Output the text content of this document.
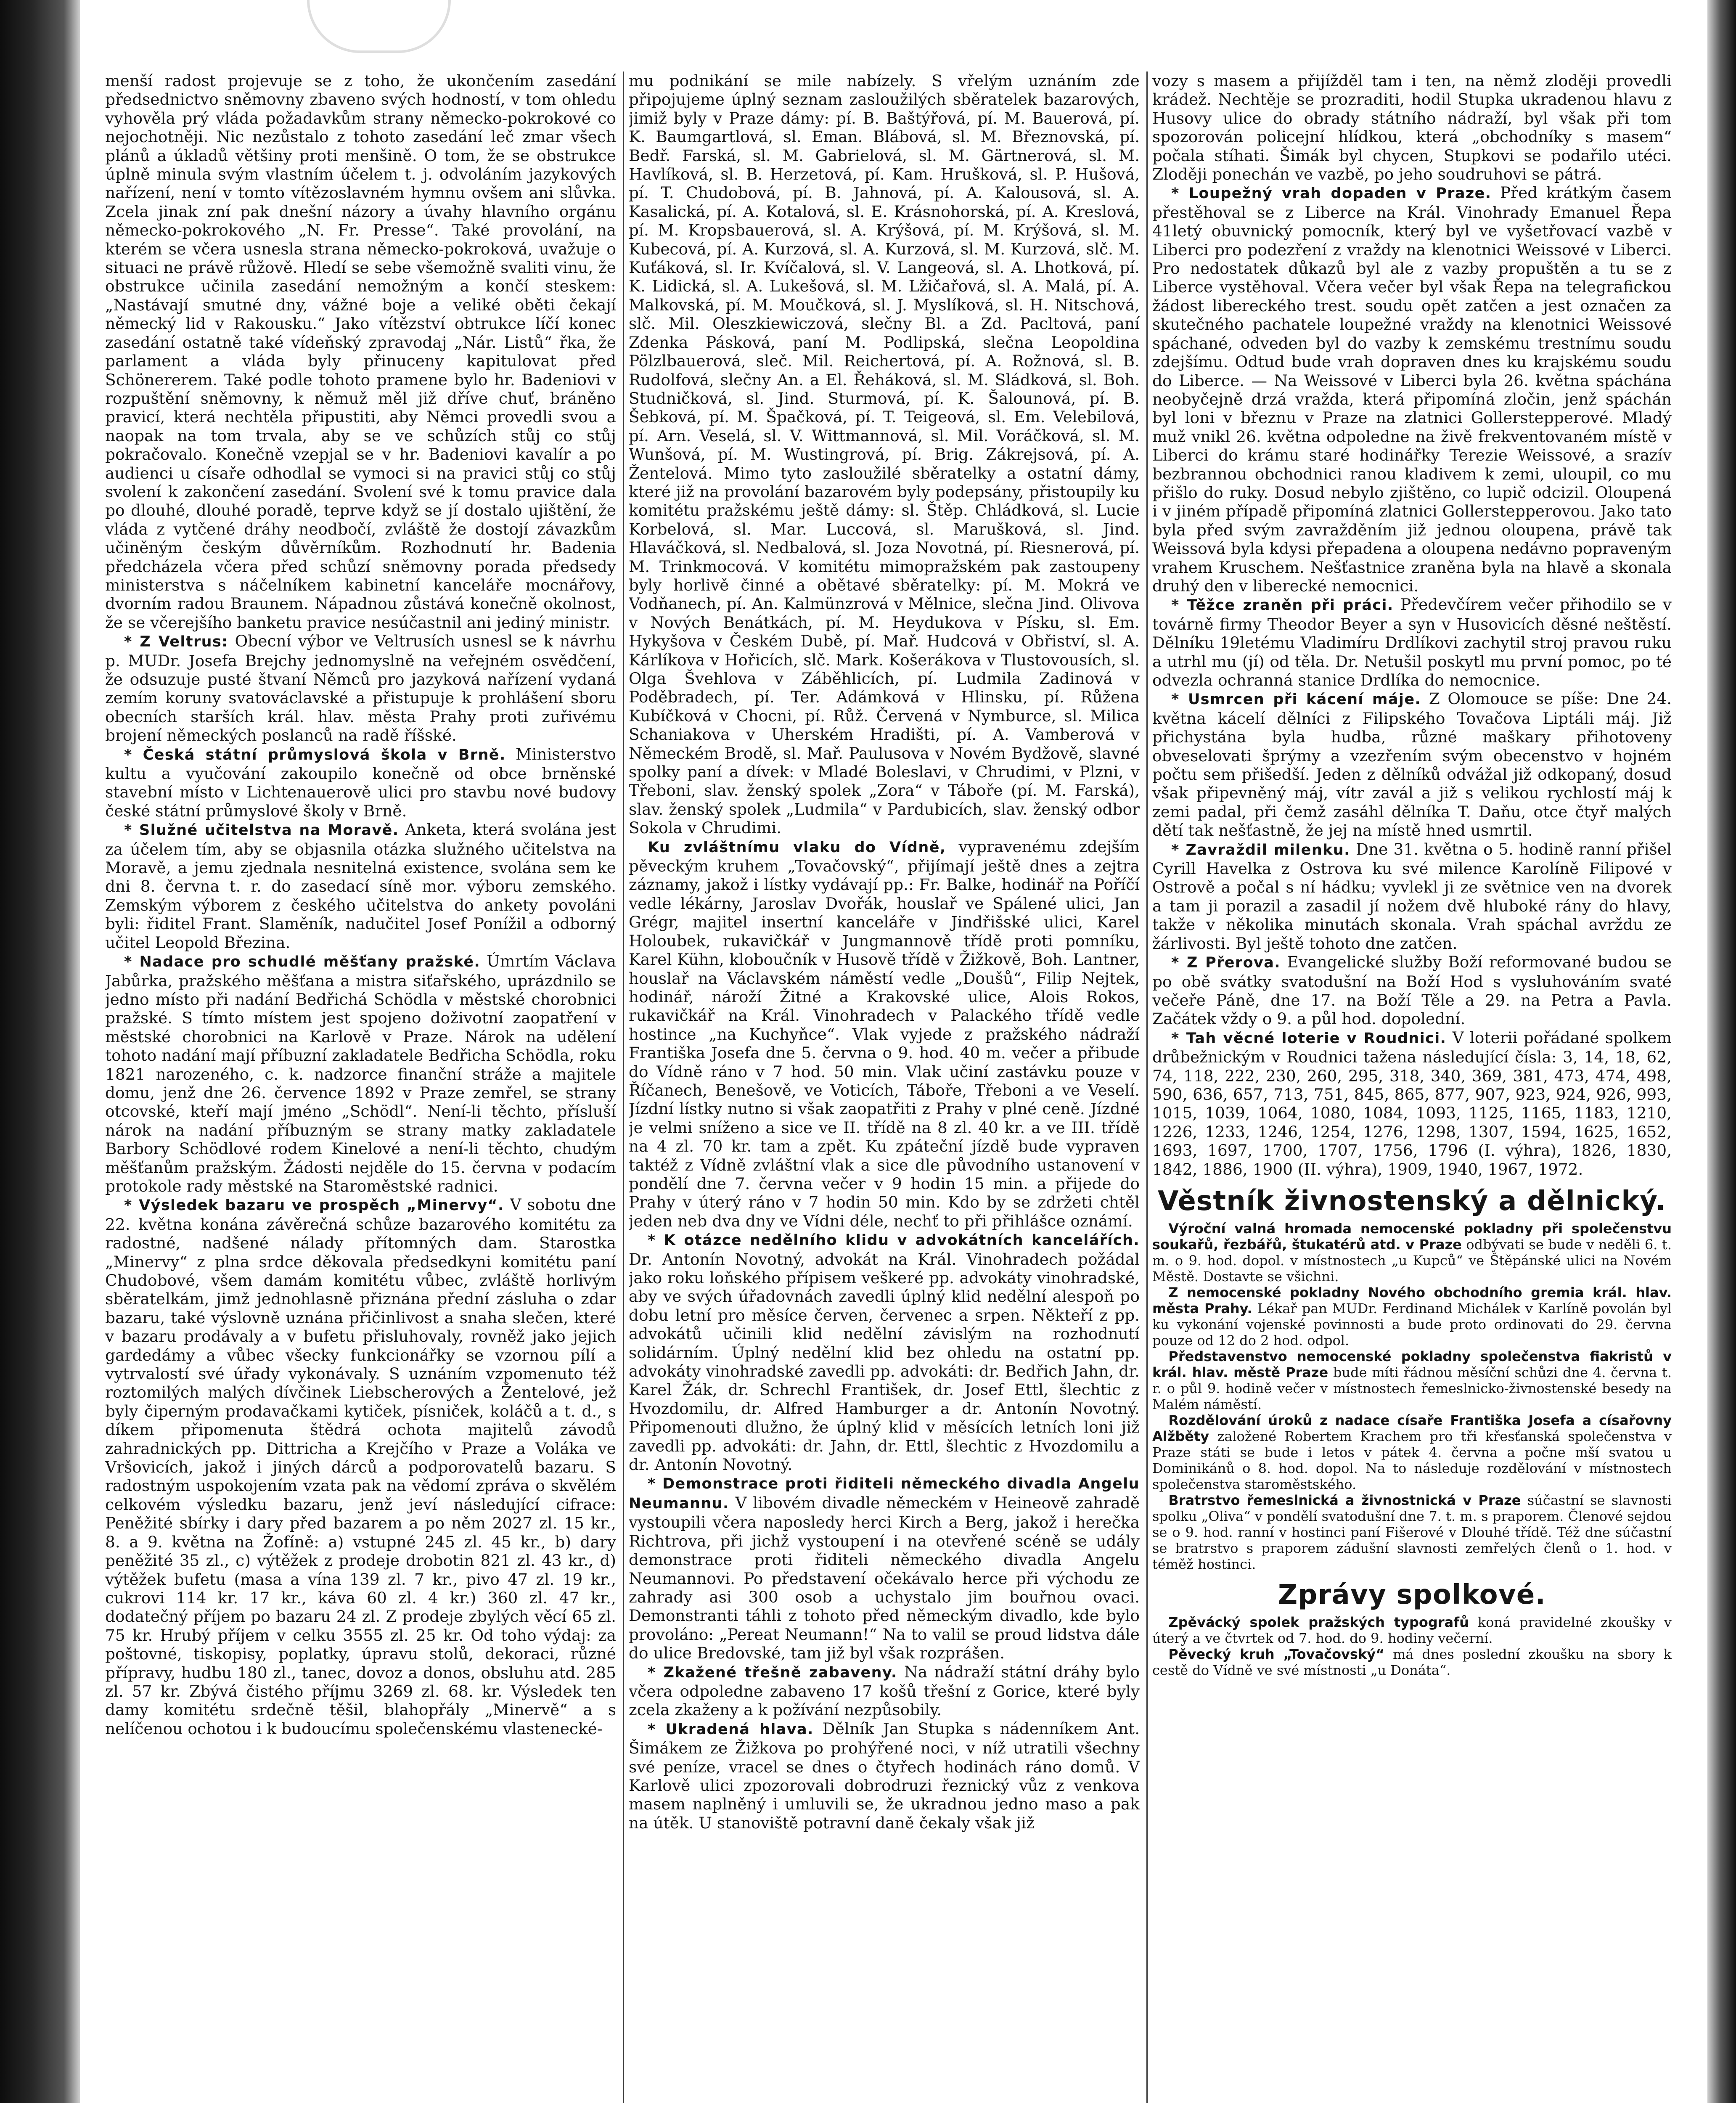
menší radost projevuje se z toho, že ukončením zasedání předsednictvo sněmovny zbaveno svých hodností, v tom ohledu vyhověla prý vláda požadavkům strany německo-pokrokové co nejochotněji. Nic nezůstalo z tohoto zasedání leč zmar všech plánů a úkladů většiny proti menšině. O tom, že se obstrukce úplně minula svým vlastním účelem t. j. odvoláním jazykových nařízení, není v tomto vítězoslavném hymnu ovšem ani slůvka. Zcela jinak zní pak dnešní názory a úvahy hlavního orgánu německo-pokrokového „N. Fr. Presse“. Také provolání, na kterém se včera usnesla strana německo-pokroková, uvažuje o situaci ne právě růžově. Hledí se sebe všemožně svaliti vinu, že obstrukce učinila zasedání nemožným a končí steskem: „Nastávají smutné dny, vážné boje a veliké oběti čekají německý lid v Rakousku.“ Jako vítězství obtrukce líčí konec zasedání ostatně také vídeňský zpravodaj „Nár. Listů“ řka, že parlament a vláda byly přinuceny kapitulovat před Schönererem. Také podle tohoto pramene bylo hr. Badeniovi v rozpuštění sněmovny, k němuž měl již dříve chuť, bráněno pravicí, která nechtěla připustiti, aby Němci provedli svou a naopak na tom trvala, aby se ve schůzích stůj co stůj pokračovalo. Konečně vzepjal se v hr. Badeniovi kavalír a po audienci u císaře odhodlal se vymoci si na pravici stůj co stůj svolení k zakončení zasedání. Svolení své k tomu pravice dala po dlouhé, dlouhé poradě, teprve když se jí dostalo ujištění, že vláda z vytčené dráhy neodbočí, zvláště že dostojí závazkům učiněným českým důvěrníkům. Rozhodnutí hr. Badenia předcházela včera před schůzí sněmovny porada předsedy ministerstva s náčelníkem kabinetní kanceláře mocnářovy, dvorním radou Braunem. Nápadnou zůstává konečně okolnost, že se včerejšího banketu pravice nesúčastnil ani jediný ministr.

* Z Veltrus: Obecní výbor ve Veltrusích usnesl se k návrhu p. MUDr. Josefa Brejchy jednomyslně na veřejném osvědčení, že odsuzuje pusté štvaní Němců pro jazyková nařízení vydaná zemím koruny svatováclavské a přistupuje k prohlášení sboru obecních starších král. hlav. města Prahy proti zuřivému brojení německých poslanců na radě říšské.

* Česká státní průmyslová škola v Brně. Ministerstvo kultu a vyučování zakoupilo konečně od obce brněnské stavební místo v Lichtenauerově ulici pro stavbu nové budovy české státní průmyslové školy v Brně.

* Služné učitelstva na Moravě. Anketa, která svolána jest za účelem tím, aby se objasnila otázka služného učitelstva na Moravě, a jemu zjednala nesnitelná existence, svolána sem ke dni 8. června t. r. do zasedací síně mor. výboru zemského. Zemským výborem z českého učitelstva do ankety povoláni byli: řiditel Frant. Slaměník, nadučitel Josef Ponížil a odborný učitel Leopold Březina.

* Nadace pro schudlé měšťany pražské. Úmrtím Václava Jabůrka, pražského měšťana a mistra siťařského, uprázdnilo se jedno místo při nadání Bedřichá Schödla v městské chorobnici pražské. S tímto místem jest spojeno doživotní zaopatření v městské chorobnici na Karlově v Praze. Nárok na udělení tohoto nadání mají příbuzní zakladatele Bedřicha Schödla, roku 1821 narozeného, c. k. nadzorce finanční stráže a majitele domu, jenž dne 26. července 1892 v Praze zemřel, se strany otcovské, kteří mají jméno „Schödl“. Není-li těchto, přísluší nárok na nadání příbuzným se strany matky zakladatele Barbory Schödlové rodem Kinelové a není-li těchto, chudým měšťanům pražským. Žádosti nejděle do 15. června v podacím protokole rady městské na Staroměstské radnici.

* Výsledek bazaru ve prospěch „Minervy“. V sobotu dne 22. května konána závěrečná schůze bazarového komitétu za radostné, nadšené nálady přítomných dam. Starostka „Minervy“ z plna srdce děkovala předsedkyni komitétu paní Chudobové, všem damám komitétu vůbec, zvláště horlivým sběratelkám, jimž jednohlasně přiznána přední zásluha o zdar bazaru, také výslovně uznána přičinlivost a snaha slečen, které v bazaru prodávaly a v bufetu přisluhovaly, rovněž jako jejich gardedámy a vůbec všecky funkcionářky se vzornou pílí a vytrvalostí své úřady vykonávaly. S uznáním vzpomenuto též roztomilých malých dívčinek Liebscherových a Žentelové, jež byly čiperným prodavačkami kytiček, písniček, koláčů a t. d., s díkem připomenuta štědrá ochota majitelů závodů zahradnických pp. Dittricha a Krejčího v Praze a Voláka ve Vršovicích, jakož i jiných dárců a podporovatelů bazaru. S radostným uspokojením vzata pak na vědomí zpráva o skvělém celkovém výsledku bazaru, jenž jeví následující cifrace: Peněžité sbírky i dary před bazarem a po něm 2027 zl. 15 kr., 8. a 9. května na Žofíně: a) vstupné 245 zl. 45 kr., b) dary peněžité 35 zl., c) výtěžek z prodeje drobotin 821 zl. 43 kr., d) výtěžek bufetu (masa a vína 139 zl. 7 kr., pivo 47 zl. 19 kr., cukrovi 114 kr. 17 kr., káva 60 zl. 4 kr.) 360 zl. 47 kr., dodatečný příjem po bazaru 24 zl. Z prodeje zbylých věcí 65 zl. 75 kr. Hrubý příjem v celku 3555 zl. 25 kr. Od toho výdaj: za poštovné, tiskopisy, poplatky, úpravu stolů, dekoraci, různé přípravy, hudbu 180 zl., tanec, dovoz a donos, obsluhu atd. 285 zl. 57 kr. Zbývá čistého příjmu 3269 zl. 68. kr. Výsledek ten damy komitétu srdečně těšil, blahopřály „Minervě“ a s nelíčenou ochotou i k budoucímu společenskému vlastenecké-

mu podnikání se mile nabízely. S vřelým uznáním zde připojujeme úplný seznam zasloužilých sběratelek bazarových, jimiž byly v Praze dámy: pí. B. Baštýřová, pí. M. Bauerová, pí. K. Baumgartlová, sl. Eman. Blábová, sl. M. Březnovská, pí. Bedř. Farská, sl. M. Gabrielová, sl. M. Gärtnerová, sl. M. Havlíková, sl. B. Herzetová, pí. Kam. Hrušková, sl. P. Hušová, pí. T. Chudobová, pí. B. Jahnová, pí. A. Kalousová, sl. A. Kasalická, pí. A. Kotalová, sl. E. Krásnohorská, pí. A. Kreslová, pí. M. Kropsbauerová, sl. A. Krýšová, pí. M. Krýšová, sl. M. Kubecová, pí. A. Kurzová, sl. A. Kurzová, sl. M. Kurzová, slč. M. Kuťáková, sl. Ir. Kvíčalová, sl. V. Langeová, sl. A. Lhotková, pí. K. Lidická, sl. A. Lukešová, sl. M. Lžičařová, sl. A. Malá, pí. A. Malkovská, pí. M. Moučková, sl. J. Myslíková, sl. H. Nitschová, slč. Mil. Oleszkiewiczová, slečny Bl. a Zd. Pacltová, paní Zdenka Pásková, paní M. Podlipská, slečna Leopoldina Pölzlbauerová, sleč. Mil. Reichertová, pí. A. Rožnová, sl. B. Rudolfová, slečny An. a El. Řeháková, sl. M. Sládková, sl. Boh. Studničková, sl. Jind. Sturmová, pí. K. Šalounová, pí. B. Šebková, pí. M. Špačková, pí. T. Teigeová, sl. Em. Velebilová, pí. Arn. Veselá, sl. V. Wittmannová, sl. Mil. Voráčková, sl. M. Wunšová, pí. M. Wustingrová, pí. Brig. Zákrejsová, pí. A. Žentelová. Mimo tyto zasloužilé sběratelky a ostatní dámy, které již na provolání bazarovém byly podepsány, přistoupily ku komitétu pražskému ještě dámy: sl. Štěp. Chládková, sl. Lucie Korbelová, sl. Mar. Luccová, sl. Marušková, sl. Jind. Hlaváčková, sl. Nedbalová, sl. Joza Novotná, pí. Riesnerová, pí. M. Trinkmocová. V komitétu mimopražském pak zastoupeny byly horlivě činné a obětavé sběratelky: pí. M. Mokrá ve Vodňanech, pí. An. Kalmünzrová v Mělnice, slečna Jind. Olivova v Nových Benátkách, pí. M. Heydukova v Písku, sl. Em. Hykyšova v Českém Dubě, pí. Mař. Hudcová v Obřiství, sl. A. Kárlíkova v Hořicích, slč. Mark. Košerákova v Tlustovousích, sl. Olga Švehlova v Záběhlicích, pí. Ludmila Zadinová v Poděbradech, pí. Ter. Adámková v Hlinsku, pí. Růžena Kubíčková v Chocni, pí. Růž. Červená v Nymburce, sl. Milica Schaniakova v Uherském Hradišti, pí. A. Vamberová v Německém Brodě, sl. Mař. Paulusova v Novém Bydžově, slavné spolky paní a dívek: v Mladé Boleslavi, v Chrudimi, v Plzni, v Třeboni, slav. ženský spolek „Zora“ v Táboře (pí. M. Farská), slav. ženský spolek „Ludmila“ v Pardubicích, slav. ženský odbor Sokola v Chrudimi.

Ku zvláštnímu vlaku do Vídně, vypravenému zdejším pěveckým kruhem „Tovačovský“, přijímají ještě dnes a zejtra záznamy, jakož i lístky vydávají pp.: Fr. Balke, hodinář na Poříčí vedle lékárny, Jaroslav Dvořák, houslař ve Spálené ulici, Jan Grégr, majitel insertní kanceláře v Jindřišské ulici, Karel Holoubek, rukavičkář v Jungmannově třídě proti pomníku, Karel Kühn, kloboučník v Husově třídě v Žižkově, Boh. Lantner, houslař na Václavském náměstí vedle „Doušů“, Filip Nejtek, hodinář, nároží Žitné a Krakovské ulice, Alois Rokos, rukavičkář na Král. Vinohradech v Palackého třídě vedle hostince „na Kuchyňce“. Vlak vyjede z pražského nádraží Františka Josefa dne 5. června o 9. hod. 40 m. večer a přibude do Vídně ráno v 7 hod. 50 min. Vlak učiní zastávku pouze v Říčanech, Benešově, ve Voticích, Táboře, Třeboni a ve Veselí. Jízdní lístky nutno si však zaopatřiti z Prahy v plné ceně. Jízdné je velmi sníženo a sice ve II. třídě na 8 zl. 40 kr. a ve III. třídě na 4 zl. 70 kr. tam a zpět. Ku zpáteční jízdě bude vypraven taktéž z Vídně zvláštní vlak a sice dle původního ustanovení v pondělí dne 7. června večer v 9 hodin 15 min. a přijede do Prahy v úterý ráno v 7 hodin 50 min. Kdo by se zdržeti chtěl jeden neb dva dny ve Vídni déle, nechť to při přihlášce oznámí.

* K otázce nedělního klidu v advokátních kancelářích. Dr. Antonín Novotný, advokát na Král. Vinohradech požádal jako roku loňského přípisem veškeré pp. advokáty vinohradské, aby ve svých úřadovnách zavedli úplný klid nedělní alespoň po dobu letní pro měsíce červen, červenec a srpen. Někteří z pp. advokátů učinili klid nedělní závislým na rozhodnutí solidárním. Úplný nedělní klid bez ohledu na ostatní pp. advokáty vinohradské zavedli pp. advokáti: dr. Bedřich Jahn, dr. Karel Žák, dr. Schrechl František, dr. Josef Ettl, šlechtic z Hvozdomilu, dr. Alfred Hamburger a dr. Antonín Novotný. Připomenouti dlužno, že úplný klid v měsících letních loni již zavedli pp. advokáti: dr. Jahn, dr. Ettl, šlechtic z Hvozdomilu a dr. Antonín Novotný.

* Demonstrace proti řiditeli německého divadla Angelu Neumannu. V libovém divadle německém v Heineově zahradě vystoupili včera naposledy herci Kirch a Berg, jakož i herečka Richtrova, při jichž vystoupení i na otevřené scéně se udály demonstrace proti řiditeli německého divadla Angelu Neumannovi. Po představení očekávalo herce při východu ze zahrady asi 300 osob a uchystalo jim bouřnou ovaci. Demonstranti táhli z tohoto před německým divadlo, kde bylo provoláno: „Pereat Neumann!“ Na to valil se proud lidstva dále do ulice Bredovské, tam již byl však rozprášen.

* Zkažené třešně zabaveny. Na nádraží státní dráhy bylo včera odpoledne zabaveno 17 košů třešní z Gorice, které byly zcela zkaženy a k požívání nezpůsobily.

* Ukradená hlava. Dělník Jan Stupka s nádenníkem Ant. Šimákem ze Žižkova po prohýřené noci, v níž utratili všechny své peníze, vracel se dnes o čtyřech hodinách ráno domů. V Karlově ulici zpozorovali dobrodruzi řeznický vůz z venkova masem naplněný i umluvili se, že ukradnou jedno maso a pak na útěk. U stanoviště potravní daně čekaly však již

vozy s masem a přijížděl tam i ten, na němž zloději provedli krádež. Nechtěje se prozraditi, hodil Stupka ukradenou hlavu z Husovy ulice do obrady státního nádraží, byl však při tom spozorován policejní hlídkou, která „obchodníky s masem“ počala stíhati. Šimák byl chycen, Stupkovi se podařilo utéci. Zloději ponechán ve vazbě, po jeho soudruhovi se pátrá.

* Loupežný vrah dopaden v Praze. Před krátkým časem přestěhoval se z Liberce na Král. Vinohrady Emanuel Řepa 41letý obuvnický pomocník, který byl ve vyšetřovací vazbě v Liberci pro podezření z vraždy na klenotnici Weissové v Liberci. Pro nedostatek důkazů byl ale z vazby propuštěn a tu se z Liberce vystěhoval. Včera večer byl však Řepa na telegrafickou žádost libereckého trest. soudu opět zatčen a jest označen za skutečného pachatele loupežné vraždy na klenotnici Weissové spáchané, odveden byl do vazby k zemskému trestnímu soudu zdejšímu. Odtud bude vrah dopraven dnes ku krajskému soudu do Liberce. — Na Weissové v Liberci byla 26. května spáchána neobyčejně drzá vražda, která připomíná zločin, jenž spáchán byl loni v březnu v Praze na zlatnici Gollerstepperové. Mladý muž vnikl 26. května odpoledne na živě frekventovaném místě v Liberci do krámu staré hodinářky Terezie Weissové, a srazív bezbrannou obchodnici ranou kladivem k zemi, uloupil, co mu přišlo do ruky. Dosud nebylo zjištěno, co lupič odcizil. Oloupená i v jiném případě připomíná zlatnici Gollerstepperovou. Jako tato byla před svým zavražděním již jednou oloupena, právě tak Weissová byla kdysi přepadena a oloupena nedávno popraveným vrahem Kruschem. Nešťastnice zraněna byla na hlavě a skonala druhý den v liberecké nemocnici.

* Těžce zraněn při práci. Předevčírem večer přihodilo se v továrně firmy Theodor Beyer a syn v Husovicích děsné neštěstí. Dělníku 19letému Vladimíru Drdlíkovi zachytil stroj pravou ruku a utrhl mu (jí) od těla. Dr. Netušil poskytl mu první pomoc, po té odvezla ochranná stanice Drdlíka do nemocnice.

* Usmrcen při kácení máje. Z Olomouce se píše: Dne 24. května kácelí dělníci z Filipského Tovačova Liptáli máj. Již přichystána byla hudba, různé maškary přihotoveny obveselovati šprýmy a vzezřením svým obecenstvo v hojném počtu sem přišedší. Jeden z dělníků odvážal již odkopaný, dosud však připevněný máj, vítr zavál a již s velikou rychlostí máj k zemi padal, při čemž zasáhl dělníka T. Daňu, otce čtyř malých dětí tak nešťastně, že jej na místě hned usmrtil.

* Zavraždil milenku. Dne 31. května o 5. hodině ranní přišel Cyrill Havelka z Ostrova ku své milence Karolíně Filipové v Ostrově a počal s ní hádku; vyvlekl ji ze světnice ven na dvorek a tam ji porazil a zasadil jí nožem dvě hluboké rány do hlavy, takže v několika minutách skonala. Vrah spáchal avrždu ze žárlivosti. Byl ještě tohoto dne zatčen.

* Z Přerova. Evangelické služby Boží reformované budou se po obě svátky svatodušní na Boží Hod s vysluhováním svaté večeře Páně, dne 17. na Boží Těle a 29. na Petra a Pavla. Začátek vždy o 9. a půl hod. dopolední.

* Tah věcné loterie v Roudnici. V loterii pořádané spolkem drůbežnickým v Roudnici tažena následující čísla: 3, 14, 18, 62, 74, 118, 222, 230, 260, 295, 318, 340, 369, 381, 473, 474, 498, 590, 636, 657, 713, 751, 845, 865, 877, 907, 923, 924, 926, 993, 1015, 1039, 1064, 1080, 1084, 1093, 1125, 1165, 1183, 1210, 1226, 1233, 1246, 1254, 1276, 1298, 1307, 1594, 1625, 1652, 1693, 1697, 1700, 1707, 1756, 1796 (I. výhra), 1826, 1830, 1842, 1886, 1900 (II. výhra), 1909, 1940, 1967, 1972.

Věstník živnostenský a dělnický.

Výroční valná hromada nemocenské pokladny při společenstvu soukařů, řezbářů, štukatérů atd. v Praze odbývati se bude v neděli 6. t. m. o 9. hod. dopol. v místnostech „u Kupců“ ve Štěpánské ulici na Novém Městě. Dostavte se všichni.

Z nemocenské pokladny Nového obchodního gremia král. hlav. města Prahy. Lékař pan MUDr. Ferdinand Michálek v Karlíně povolán byl ku vykonání vojenské povinnosti a bude proto ordinovati do 29. června pouze od 12 do 2 hod. odpol.

Představenstvo nemocenské pokladny společenstva fiakristů v král. hlav. městě Praze bude míti řádnou měsíční schůzi dne 4. června t. r. o půl 9. hodině večer v místnostech řemeslnicko-živnostenské besedy na Malém náměstí.

Rozdělování úroků z nadace císaře Františka Josefa a císařovny Alžběty založené Robertem Krachem pro tři křesťanská společenstva v Praze státi se bude i letos v pátek 4. června a počne mší svatou u Dominikánů o 8. hod. dopol. Na to následuje rozdělování v místnostech společenstva staroměstského.

Bratrstvo řemeslnická a živnostnická v Praze súčastní se slavnosti spolku „Oliva“ v pondělí svatodušní dne 7. t. m. s praporem. Členové sejdou se o 9. hod. ranní v hostinci paní Fišerové v Dlouhé třídě. Též dne súčastní se bratrstvo s praporem zádušní slavnosti zemřelých členů o 1. hod. v téměž hostinci.

Zprávy spolkové.

Zpěvácký spolek pražských typografů koná pravidelné zkoušky v úterý a ve čtvrtek od 7. hod. do 9. hodiny večerní.

Pěvecký kruh „Tovačovský“ má dnes poslední zkoušku na sbory k cestě do Vídně ve své místnosti „u Donáta“.
